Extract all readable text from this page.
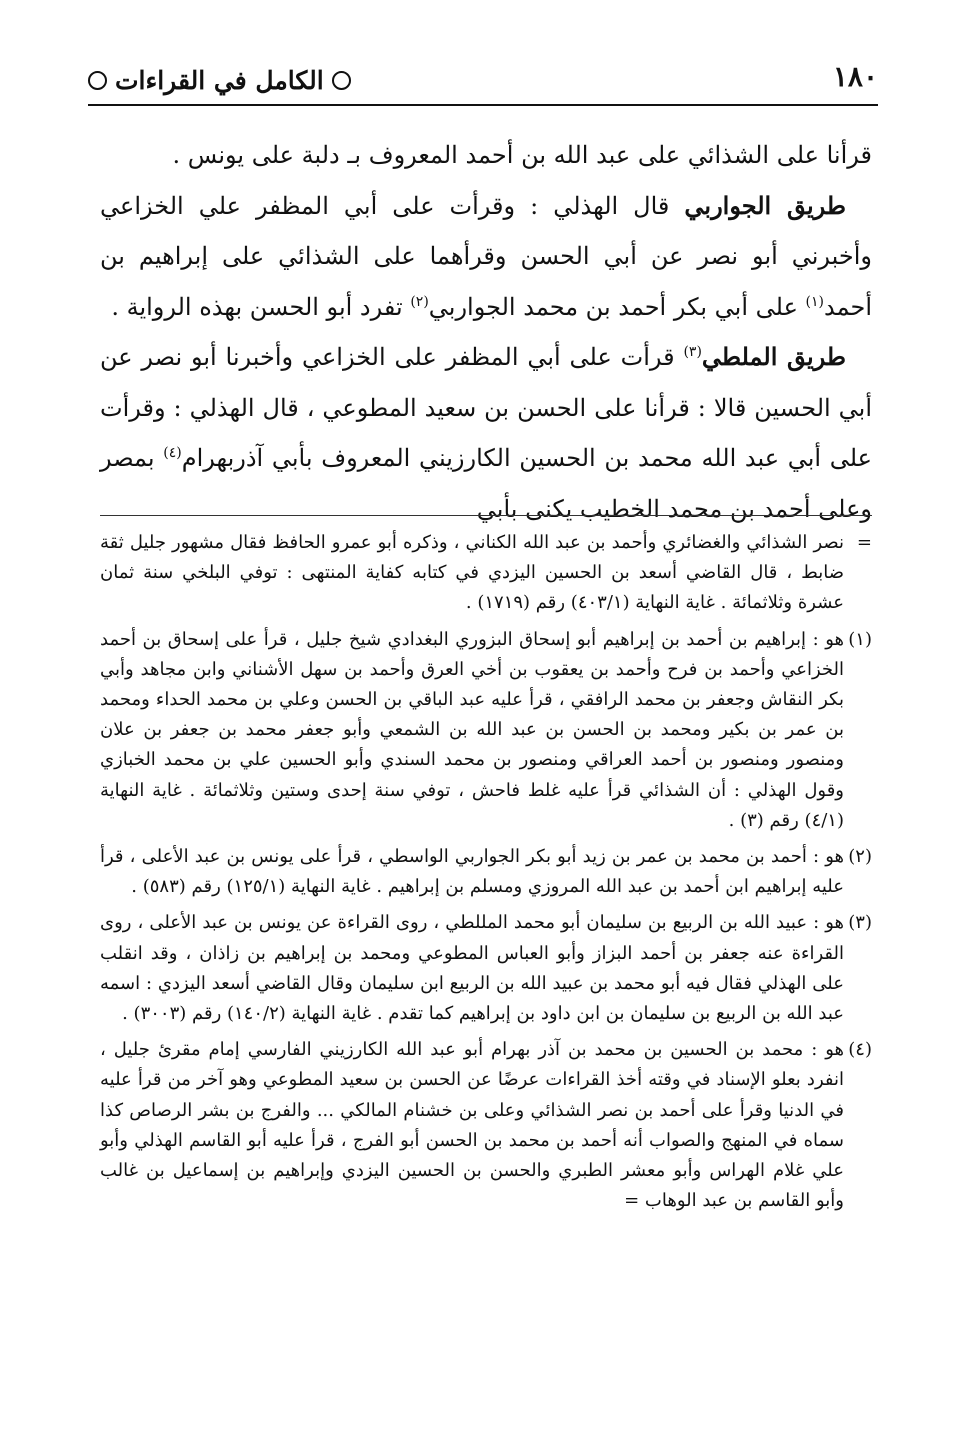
١٨٠
الكامل في القراءات

قرأنا على الشذائي على عبد الله بن أحمد المعروف بـ دلبة على يونس .

طريق الجواربي قال الهذلي : وقرأت على أبي المظفر علي الخزاعي وأخبرني أبو نصر عن أبي الحسن وقرأهما على الشذائي على إبراهيم بن أحمد$^{(١)}$ على أبي بكر أحمد بن محمد الجواربي$^{(٢)}$ تفرد أبو الحسن بهذه الرواية .

طريق الملطي$^{(٣)}$ قرأت على أبي المظفر على الخزاعي وأخبرنا أبو نصر عن أبي الحسين قالا : قرأنا على الحسن بن سعيد المطوعي ، قال الهذلي : وقرأت على أبي عبد الله محمد بن الحسين الكارزيني المعروف بأبي آذربهرام$^{(٤)}$ بمصر وعلى أحمد بن محمد الخطيب يكنى بأبي

=
نصر الشذائي والغضائري وأحمد بن عبد الله الكناني ، وذكره أبو عمرو الحافظ فقال مشهور جليل ثقة ضابط ، قال القاضي أسعد بن الحسين اليزدي في كتابه كفاية المنتهى : توفي البلخي سنة ثمان عشرة وثلاثمائة . غاية النهاية (٤٠٣/١) رقم (١٧١٩) .
(١)
هو : إبراهيم بن أحمد بن إبراهيم أبو إسحاق البزوري البغدادي شيخ جليل ، قرأ على إسحاق بن أحمد الخزاعي وأحمد بن فرح وأحمد بن يعقوب بن أخي العرق وأحمد بن سهل الأشناني وابن مجاهد وأبي بكر النقاش وجعفر بن محمد الرافقي ، قرأ عليه عبد الباقي بن الحسن وعلي بن محمد الحداء ومحمد بن عمر بن بكير ومحمد بن الحسن بن عبد الله بن الشمعي وأبو جعفر محمد بن جعفر بن علان ومنصور ومنصور بن أحمد العراقي ومنصور بن محمد السندي وأبو الحسين علي بن محمد الخبازي وقول الهذلي : أن الشذائي قرأ عليه غلط فاحش ، توفي سنة إحدى وستين وثلاثمائة . غاية النهاية (٤/١) رقم (٣) .
(٢)
هو : أحمد بن محمد بن عمر بن زيد أبو بكر الجواربي الواسطي ، قرأ على يونس بن عبد الأعلى ، قرأ عليه إبراهيم ابن أحمد بن عبد الله المروزي ومسلم بن إبراهيم . غاية النهاية (١٢٥/١) رقم (٥٨٣) .
(٣)
هو : عبيد الله بن الربيع بن سليمان أبو محمد المللطي ، روى القراءة عن يونس بن عبد الأعلى ، روى القراءة عنه جعفر بن أحمد البزاز وأبو العباس المطوعي ومحمد بن إبراهيم بن زاذان ، وقد انقلب على الهذلي فقال فيه أبو محمد بن عبيد الله بن الربيع ابن سليمان وقال القاضي أسعد اليزدي : اسمه عبد الله بن الربيع بن سليمان بن ابن داود بن إبراهيم كما تقدم . غاية النهاية (١٤٠/٢) رقم (٣٠٠٣) .
(٤)
هو : محمد بن الحسين بن محمد بن آذر بهرام أبو عبد الله الكارزيني الفارسي إمام مقرئ جليل ، انفرد بعلو الإسناد في وقته أخذ القراءات عرضًا عن الحسن بن سعيد المطوعي وهو آخر من قرأ عليه في الدنيا وقرأ على أحمد بن نصر الشذائي وعلى بن خشنام المالكي ... والفرج بن بشر الرصاص كذا سماه في المنهج والصواب أنه أحمد بن محمد بن الحسن أبو الفرج ، قرأ عليه أبو القاسم الهذلي وأبو علي غلام الهراس وأبو معشر الطبري والحسن بن الحسين اليزدي وإبراهيم بن إسماعيل بن غالب وأبو القاسم بن عبد الوهاب =
